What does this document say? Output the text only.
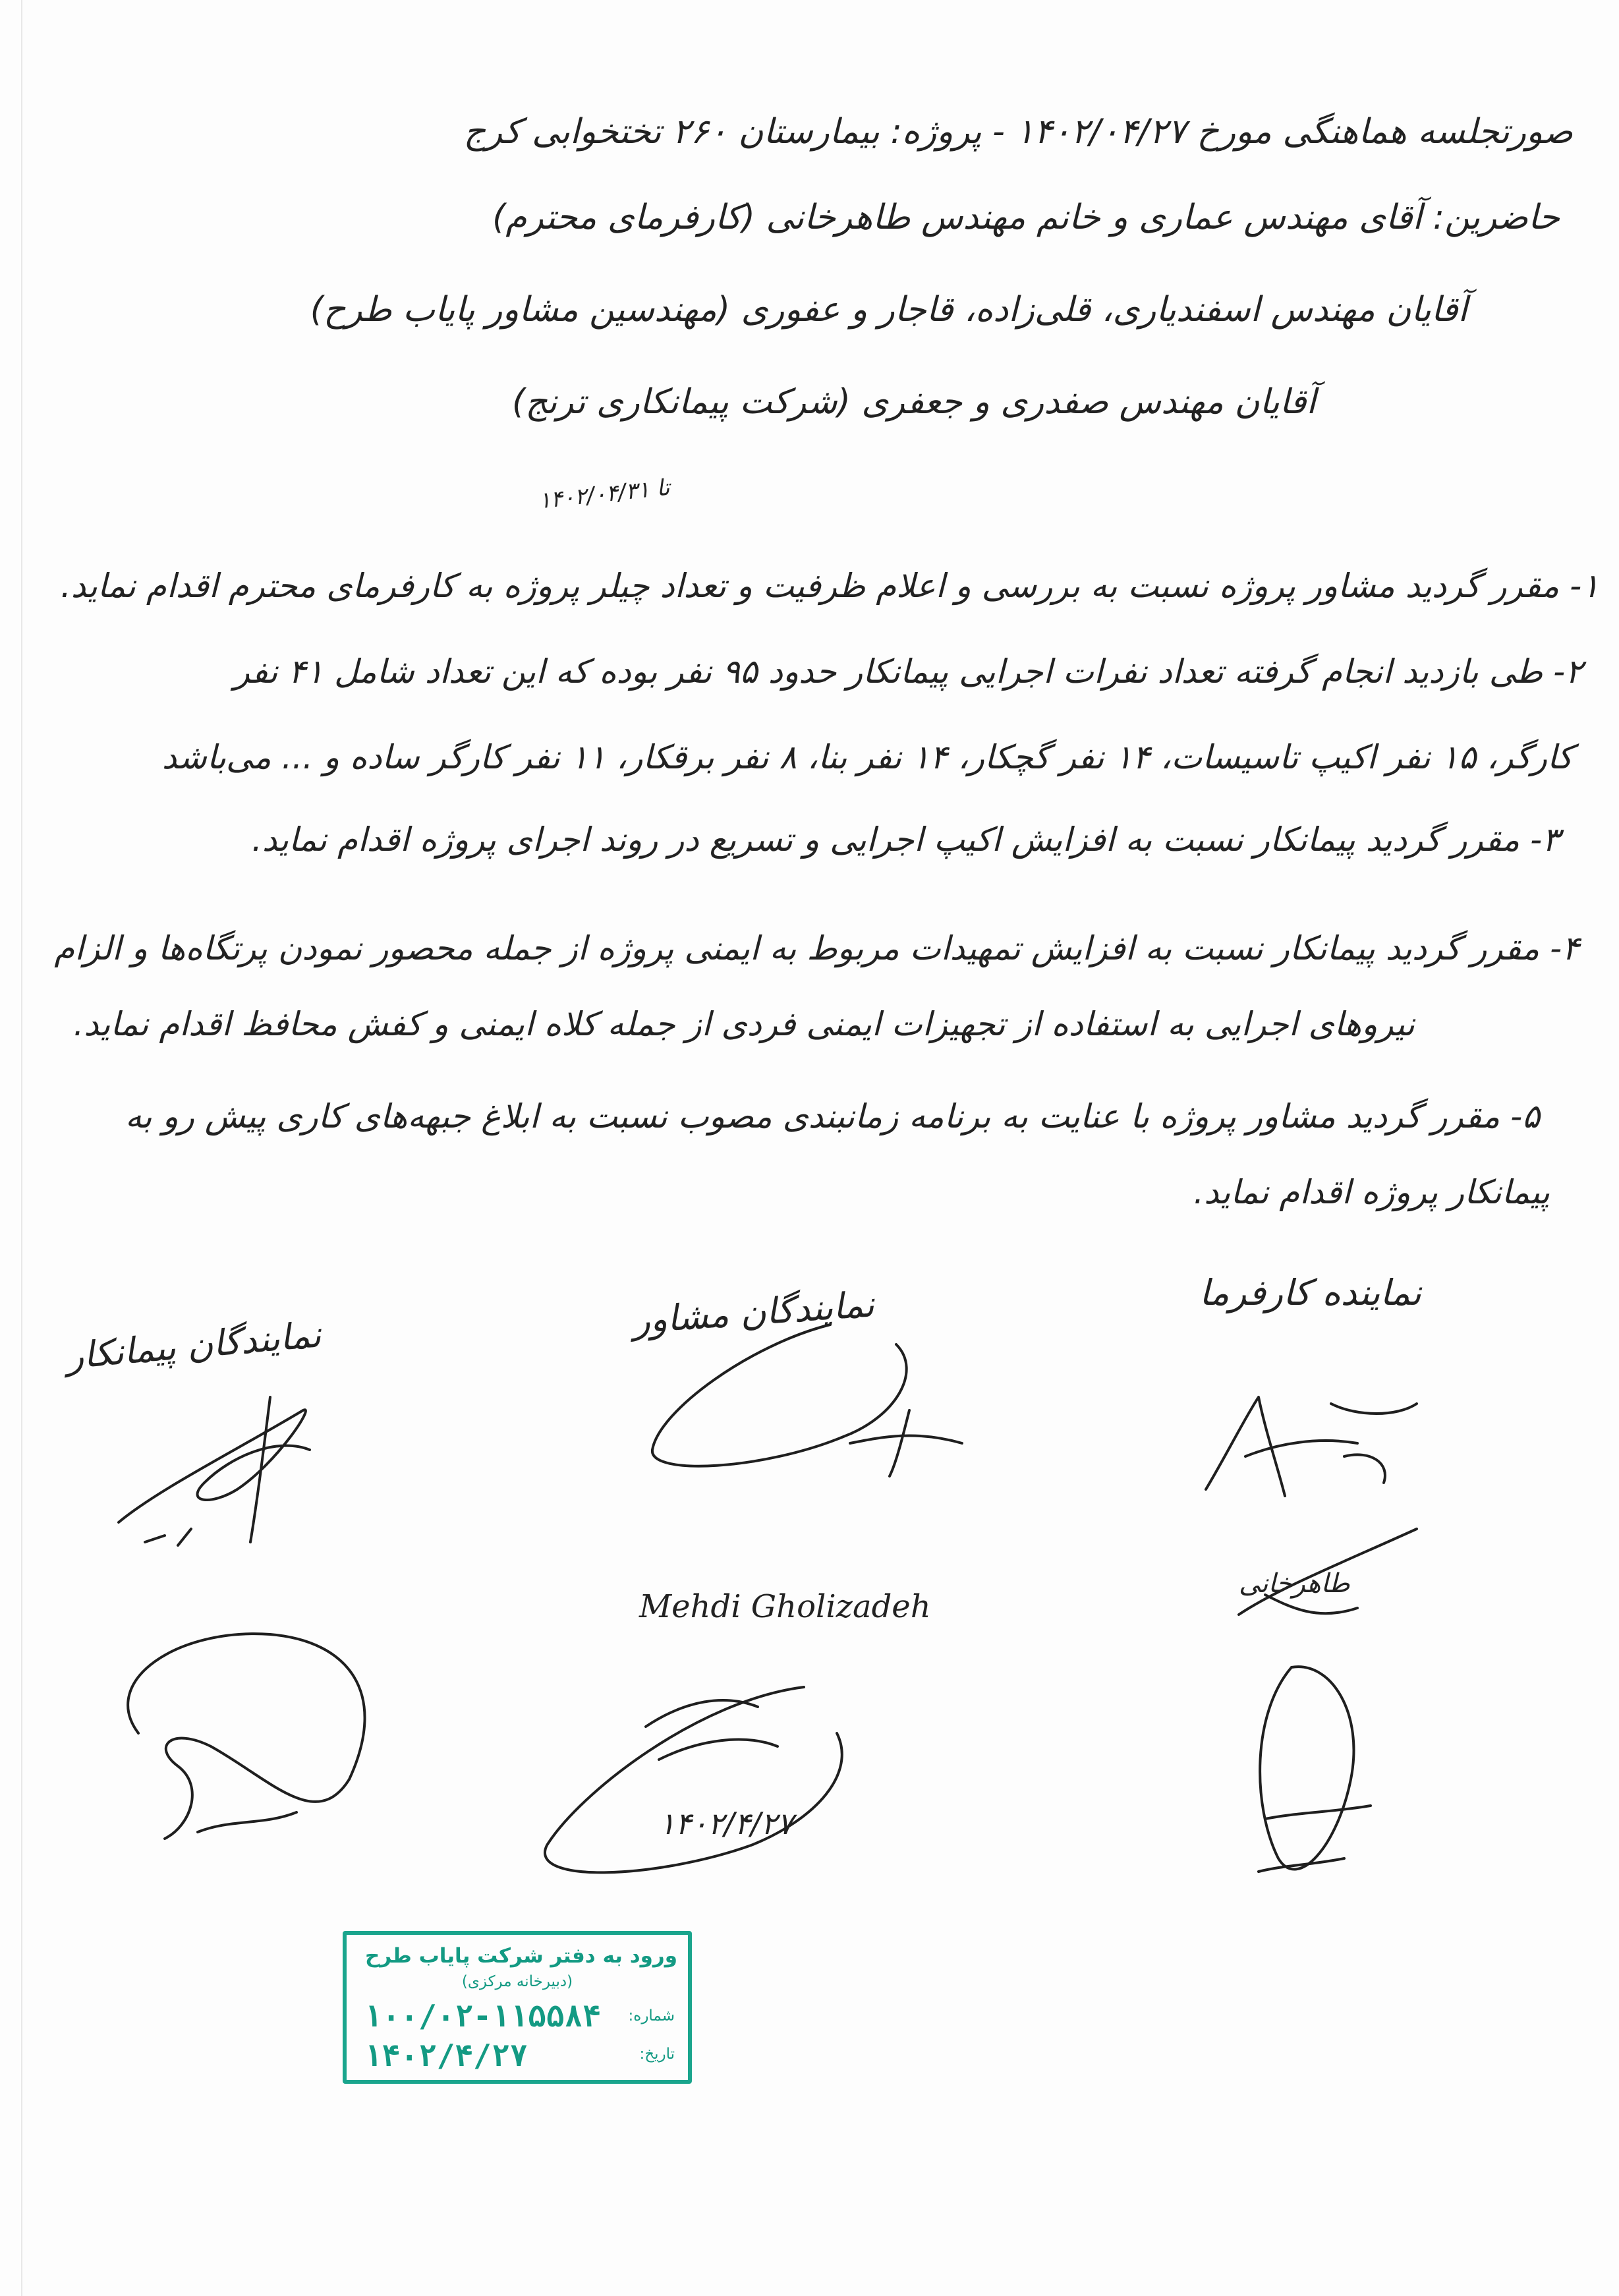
صورتجلسه هماهنگی مورخ ۱۴۰۲/۰۴/۲۷ - پروژه: بیمارستان ۲۶۰ تختخوابی کرج
حاضرین: آقای مهندس عماری و خانم مهندس طاهرخانی (کارفرمای محترم)
آقایان مهندس اسفندیاری، قلی‌زاده، قاجار و عفوری (مهندسین مشاور پایاب طرح)
آقایان مهندس صفدری و جعفری (شرکت پیمانکاری ترنج)
تا ۱۴۰۲/۰۴/۳۱
۱- مقرر گردید مشاور پروژه نسبت به بررسی و اعلام ظرفیت و تعداد چیلر پروژه به کارفرمای محترم اقدام نماید.
۲- طی بازدید انجام گرفته تعداد نفرات اجرایی پیمانکار حدود ۹۵ نفر بوده که این تعداد شامل ۴۱ نفر
کارگر، ۱۵ نفر اکیپ تاسیسات، ۱۴ نفر گچکار، ۱۴ نفر بنا، ۸ نفر برقکار، ۱۱ نفر کارگر ساده و ... می‌باشد
۳- مقرر گردید پیمانکار نسبت به افزایش اکیپ اجرایی و تسریع در روند اجرای پروژه اقدام نماید.
۴- مقرر گردید پیمانکار نسبت به افزایش تمهیدات مربوط به ایمنی پروژه از جمله محصور نمودن پرتگاه‌ها و الزام
نیروهای اجرایی به استفاده از تجهیزات ایمنی فردی از جمله کلاه ایمنی و کفش محافظ اقدام نماید.
۵- مقرر گردید مشاور پروژه با عنایت به برنامه زمانبندی مصوب نسبت به ابلاغ جبهه‌های کاری پیش رو به
پیمانکار پروژه اقدام نماید.
نمایندگان پیمانکار
نمایندگان مشاور	نماینده کارفرما
Mehdi Gholizadeh
۱۴۰۲/۴/۲۷
طاهرخانی
ورود به دفتر شرکت پایاب طرح
(دبیرخانه مرکزی)
شماره:
۱۰۰/۰۲-۱۱۵۵۸۴
تاریخ:
۱۴۰۲/۴/۲۷
